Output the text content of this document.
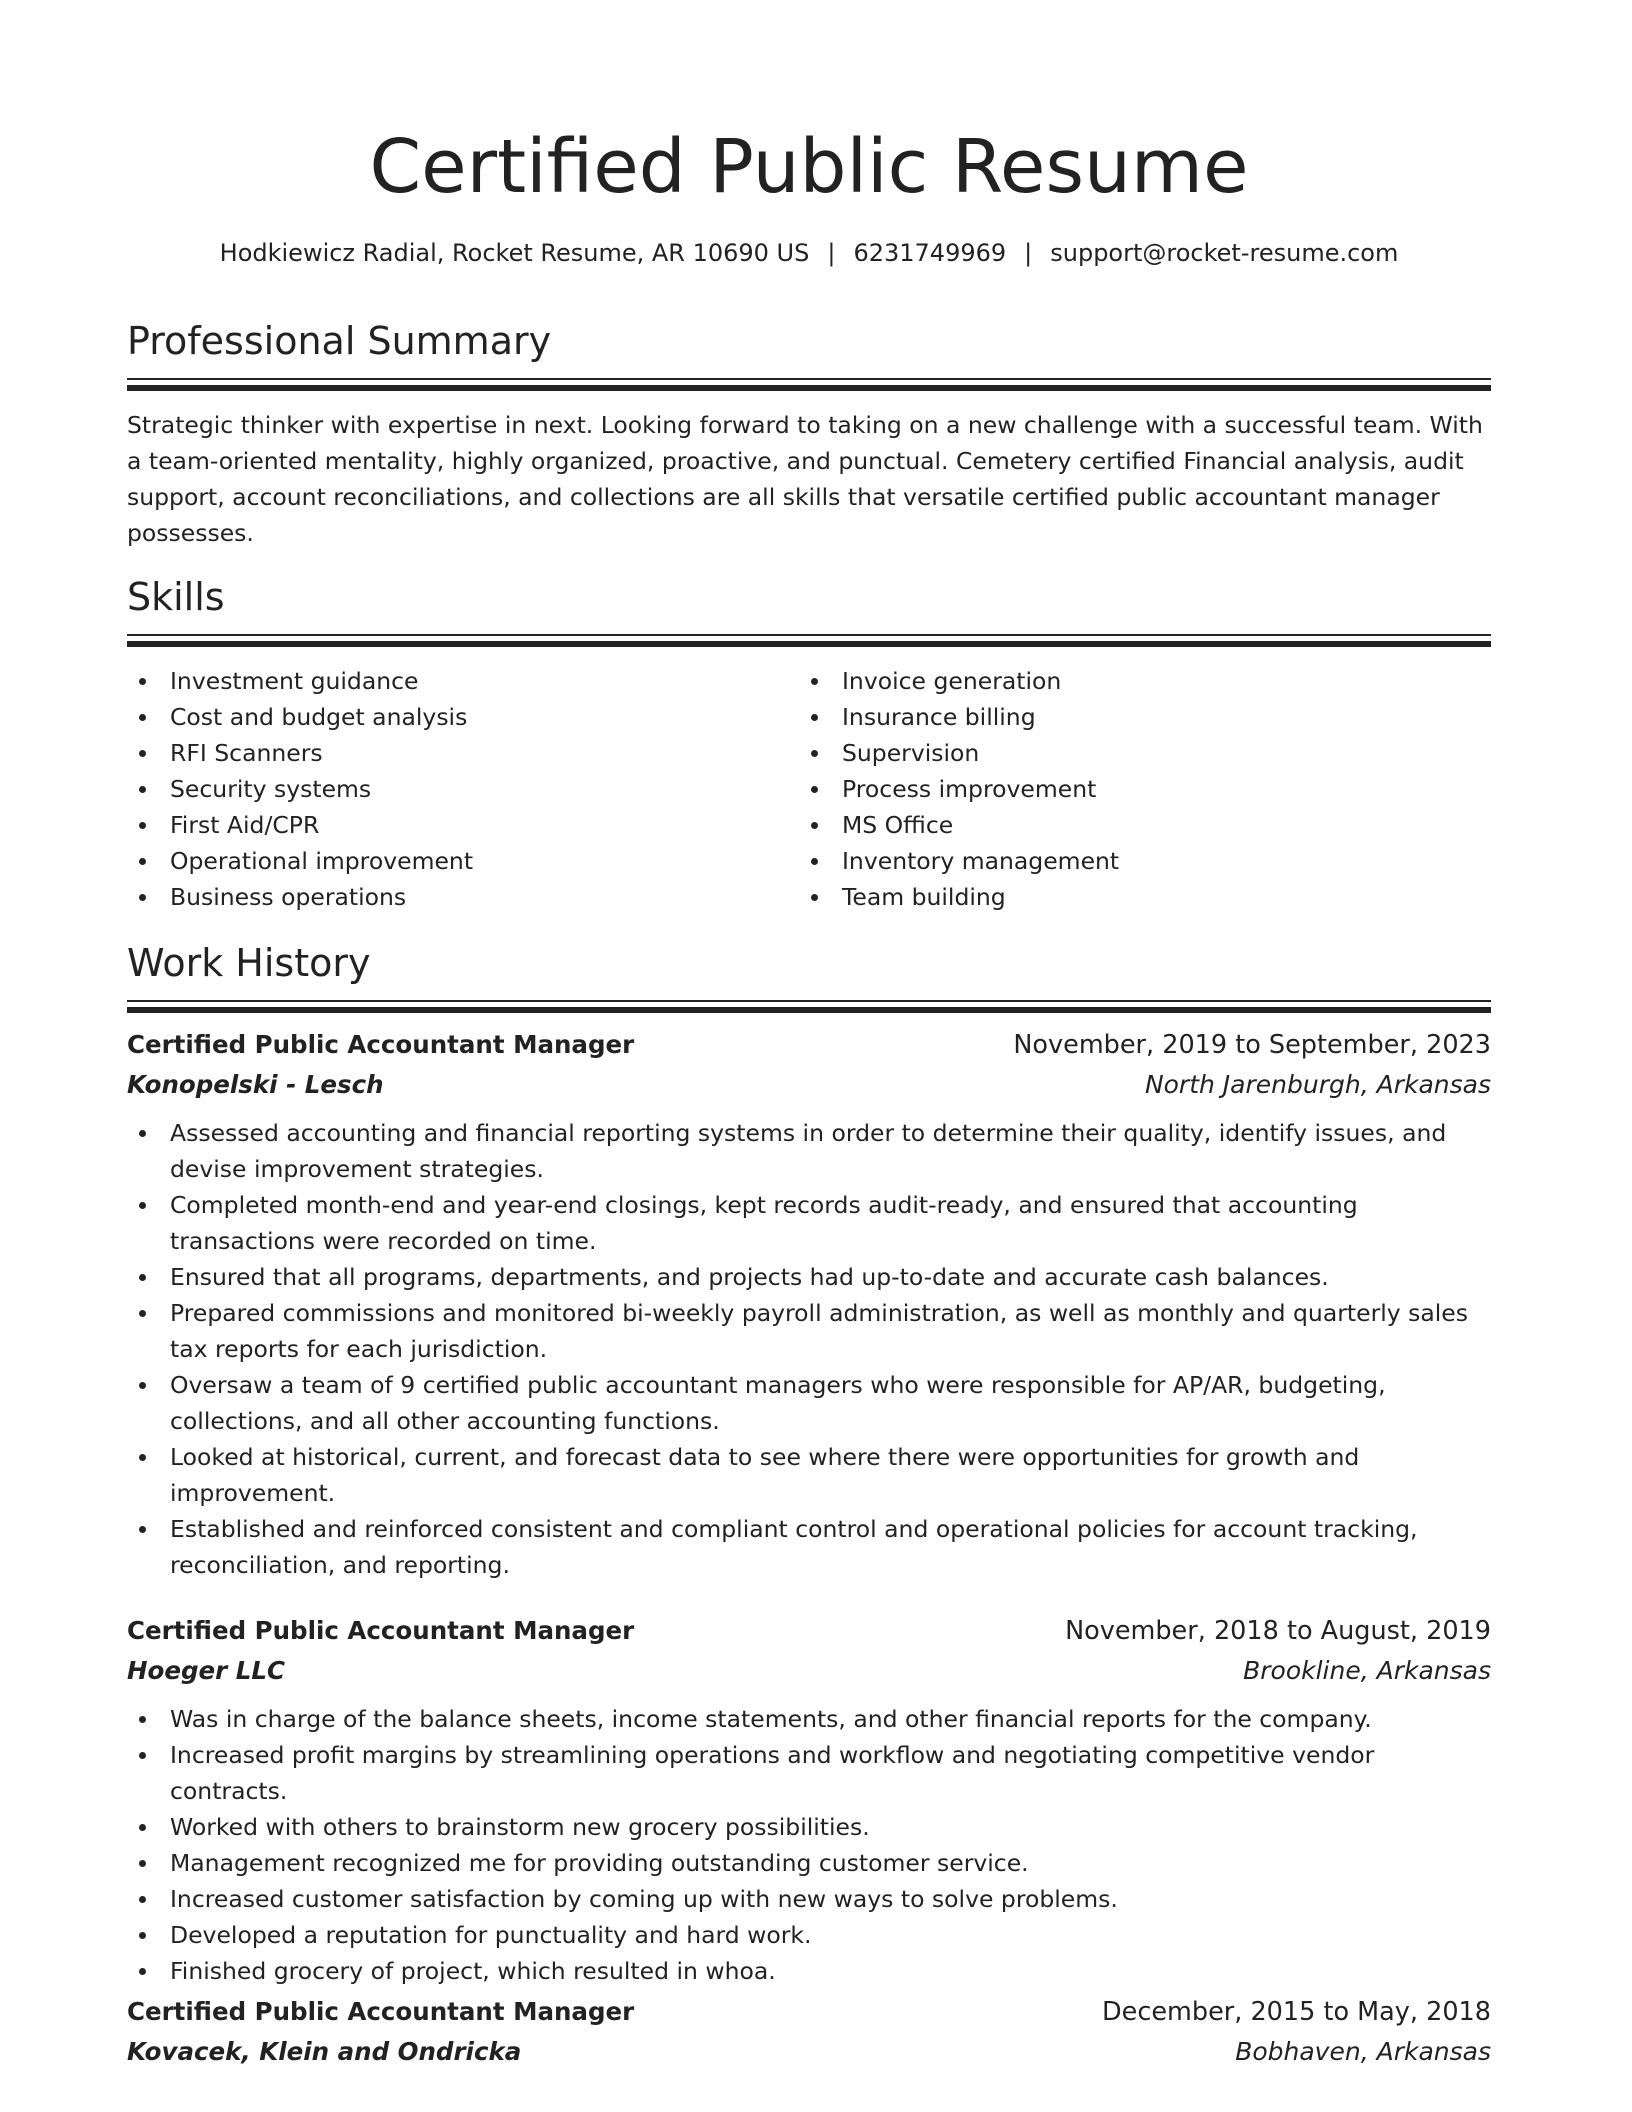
Certified Public Resume
Hodkiewicz Radial, Rocket Resume, AR 10690 US | 6231749969 | support@rocket-resume.com
Professional Summary

Strategic thinker with expertise in next. Looking forward to taking on a new challenge with a successful team. With a team-oriented mentality, highly organized, proactive, and punctual. Cemetery certified Financial analysis, audit support, account reconciliations, and collections are all skills that versatile certified public accountant manager possesses.

Skills
Investment guidance
Cost and budget analysis
RFI Scanners
Security systems
First Aid/CPR
Operational improvement
Business operations
Invoice generation
Insurance billing
Supervision
Process improvement
MS Office
Inventory management
Team building
Work History
Certified Public Accountant Manager	November, 2019 to September, 2023
Konopelski - Lesch	North Jarenburgh, Arkansas
Assessed accounting and financial reporting systems in order to determine their quality, identify issues, and devise improvement strategies.
Completed month-end and year-end closings, kept records audit-ready, and ensured that accounting transactions were recorded on time.
Ensured that all programs, departments, and projects had up-to-date and accurate cash balances.
Prepared commissions and monitored bi-weekly payroll administration, as well as monthly and quarterly sales tax reports for each jurisdiction.
Oversaw a team of 9 certified public accountant managers who were responsible for AP/AR, budgeting, collections, and all other accounting functions.
Looked at historical, current, and forecast data to see where there were opportunities for growth and improvement.
Established and reinforced consistent and compliant control and operational policies for account tracking, reconciliation, and reporting.
Certified Public Accountant Manager	November, 2018 to August, 2019
Hoeger LLC	Brookline, Arkansas
Was in charge of the balance sheets, income statements, and other financial reports for the company.
Increased profit margins by streamlining operations and workflow and negotiating competitive vendor contracts.
Worked with others to brainstorm new grocery possibilities.
Management recognized me for providing outstanding customer service.
Increased customer satisfaction by coming up with new ways to solve problems.
Developed a reputation for punctuality and hard work.
Finished grocery of project, which resulted in whoa.
Certified Public Accountant Manager	December, 2015 to May, 2018
Kovacek, Klein and Ondricka	Bobhaven, Arkansas
